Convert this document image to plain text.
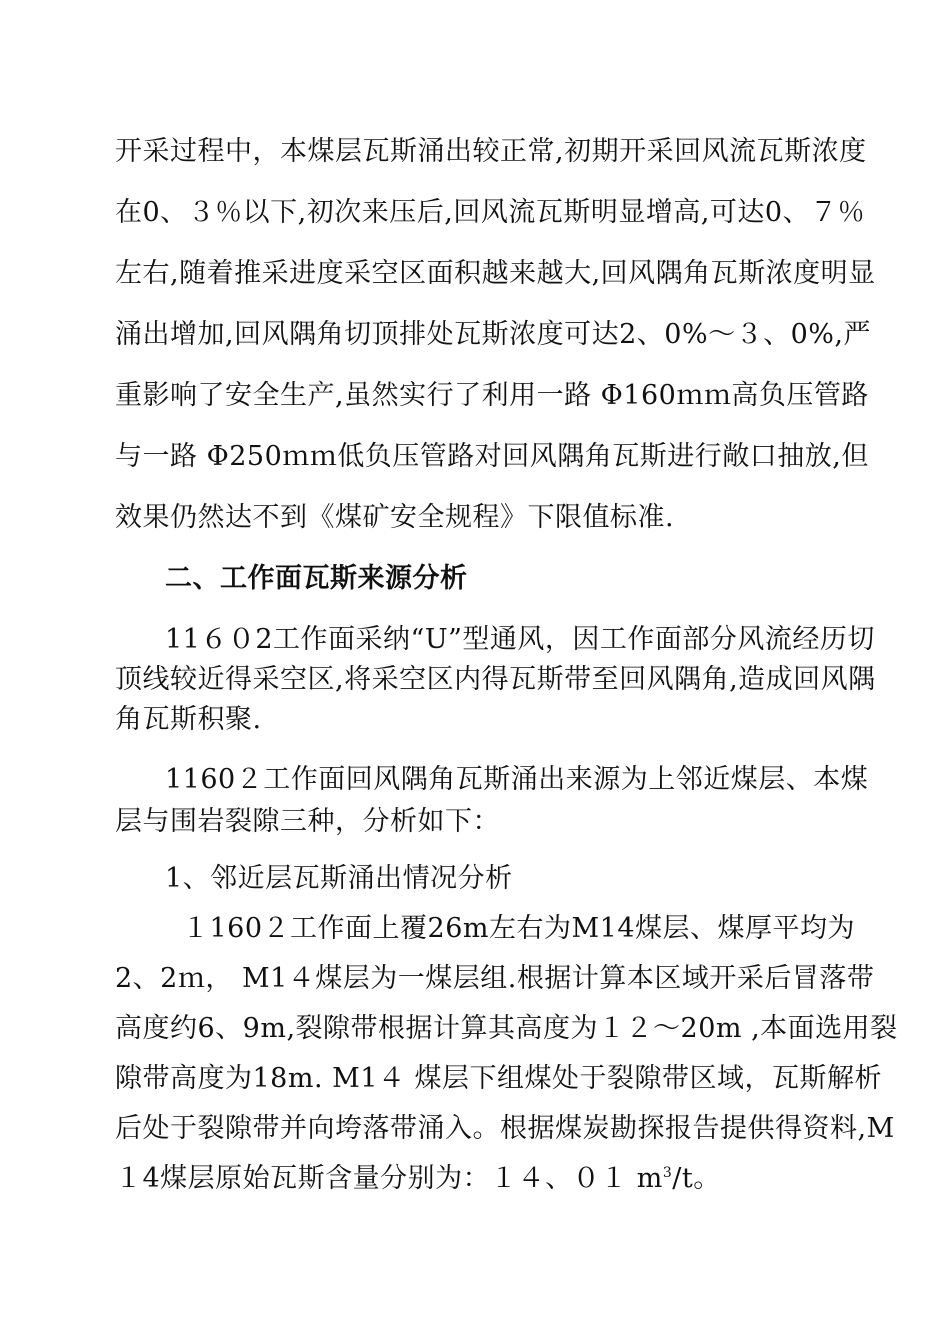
开采过程中，本煤层瓦斯涌出较正常,初期开采回风流瓦斯浓度
在0、３％以下,初次来压后,回风流瓦斯明显增高,可达0、７％
左右,随着推采进度采空区面积越来越大,回风隅角瓦斯浓度明显
涌出增加,回风隅角切顶排处瓦斯浓度可达2、0%～３、0%,严
重影响了安全生产,虽然实行了利用一路 Φ160ｍｍ高负压管路
与一路 Φ250ｍｍ低负压管路对回风隅角瓦斯进行敞口抽放,但
效果仍然达不到《煤矿安全规程》下限值标准.
二、工作面瓦斯来源分析
11６０2工作面采纳“U”型通风，因工作面部分风流经历切
顶线较近得采空区,将采空区内得瓦斯带至回风隅角,造成回风隅
角瓦斯积聚.
1160２工作面回风隅角瓦斯涌出来源为上邻近煤层、本煤
层与围岩裂隙三种，分析如下：
1、邻近层瓦斯涌出情况分析
１160２工作面上覆26m左右为M14煤层、煤厚平均为
2、2ｍ， M1４煤层为一煤层组.根据计算本区域开采后冒落带
高度约6、9m,裂隙带根据计算其高度为１２～20m ,本面选用裂
隙带高度为18m. M1４ 煤层下组煤处于裂隙带区域，瓦斯解析
后处于裂隙带并向垮落带涌入。根据煤炭勘探报告提供得资料,M
１4煤层原始瓦斯含量分别为：１４、０１ $m^3/t$。
